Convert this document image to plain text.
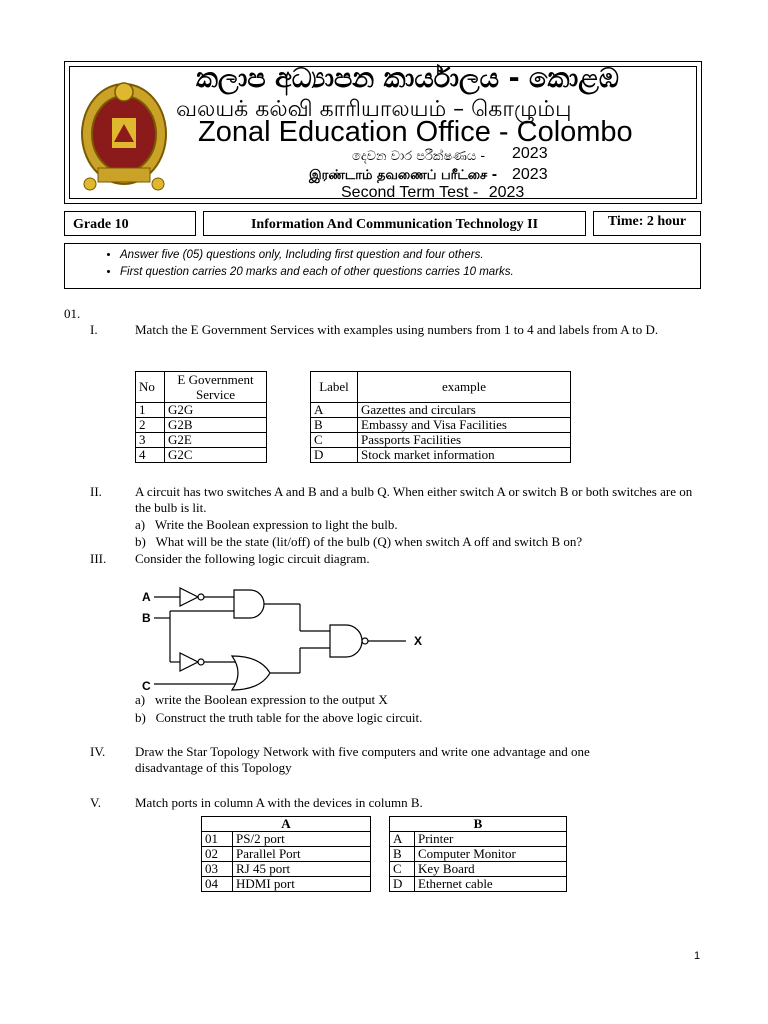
කලාප අධ්‍යාපන කාර්යාලය - කොළඹ
வலயக் கல்வி காரியாலயம் – கொழும்பு
Zonal Education Office - Colombo
දෙවන වාර පරීක්ෂණය - 2023
இரண்டாம் தவணைப் பரீட்சை - 2023
Second Term Test - 2023
Grade 10	Information And Communication Technology II	Time: 2 hour
• Answer five (05) questions only, Including first question and four others.
• First question carries 20 marks and each of other questions carries 10 marks.
01.
I.	Match the E Government Services with examples using numbers from 1 to 4 and labels from A to D.
No	E Government Service
1	G2G
2	G2B
3	G2E
4	G2C
Label	example
A	Gazettes and circulars
B	Embassy and Visa Facilities
C	Passports Facilities
D	Stock market information
II.	A circuit has two switches A and B and a bulb Q. When either switch A or switch B or both switches are on the bulb is lit.
a)   Write the Boolean expression to light the bulb.
b)   What will be the state (lit/off) of the bulb (Q) when switch A off and switch B on?
III. Consider the following logic circuit diagram.
A
B
C
X
a)   write the Boolean expression to the output X
b)   Construct the truth table for the above logic circuit.
IV. Draw the Star Topology Network with five computers and write one advantage and one disadvantage of this Topology
V.	Match ports in column A with the devices in column B.
A	
01	PS/2 port
02	Parallel Port
03	RJ 45 port
04	HDMI port
B	
A	Printer
B	Computer Monitor
C	Key Board
D	Ethernet cable
1
